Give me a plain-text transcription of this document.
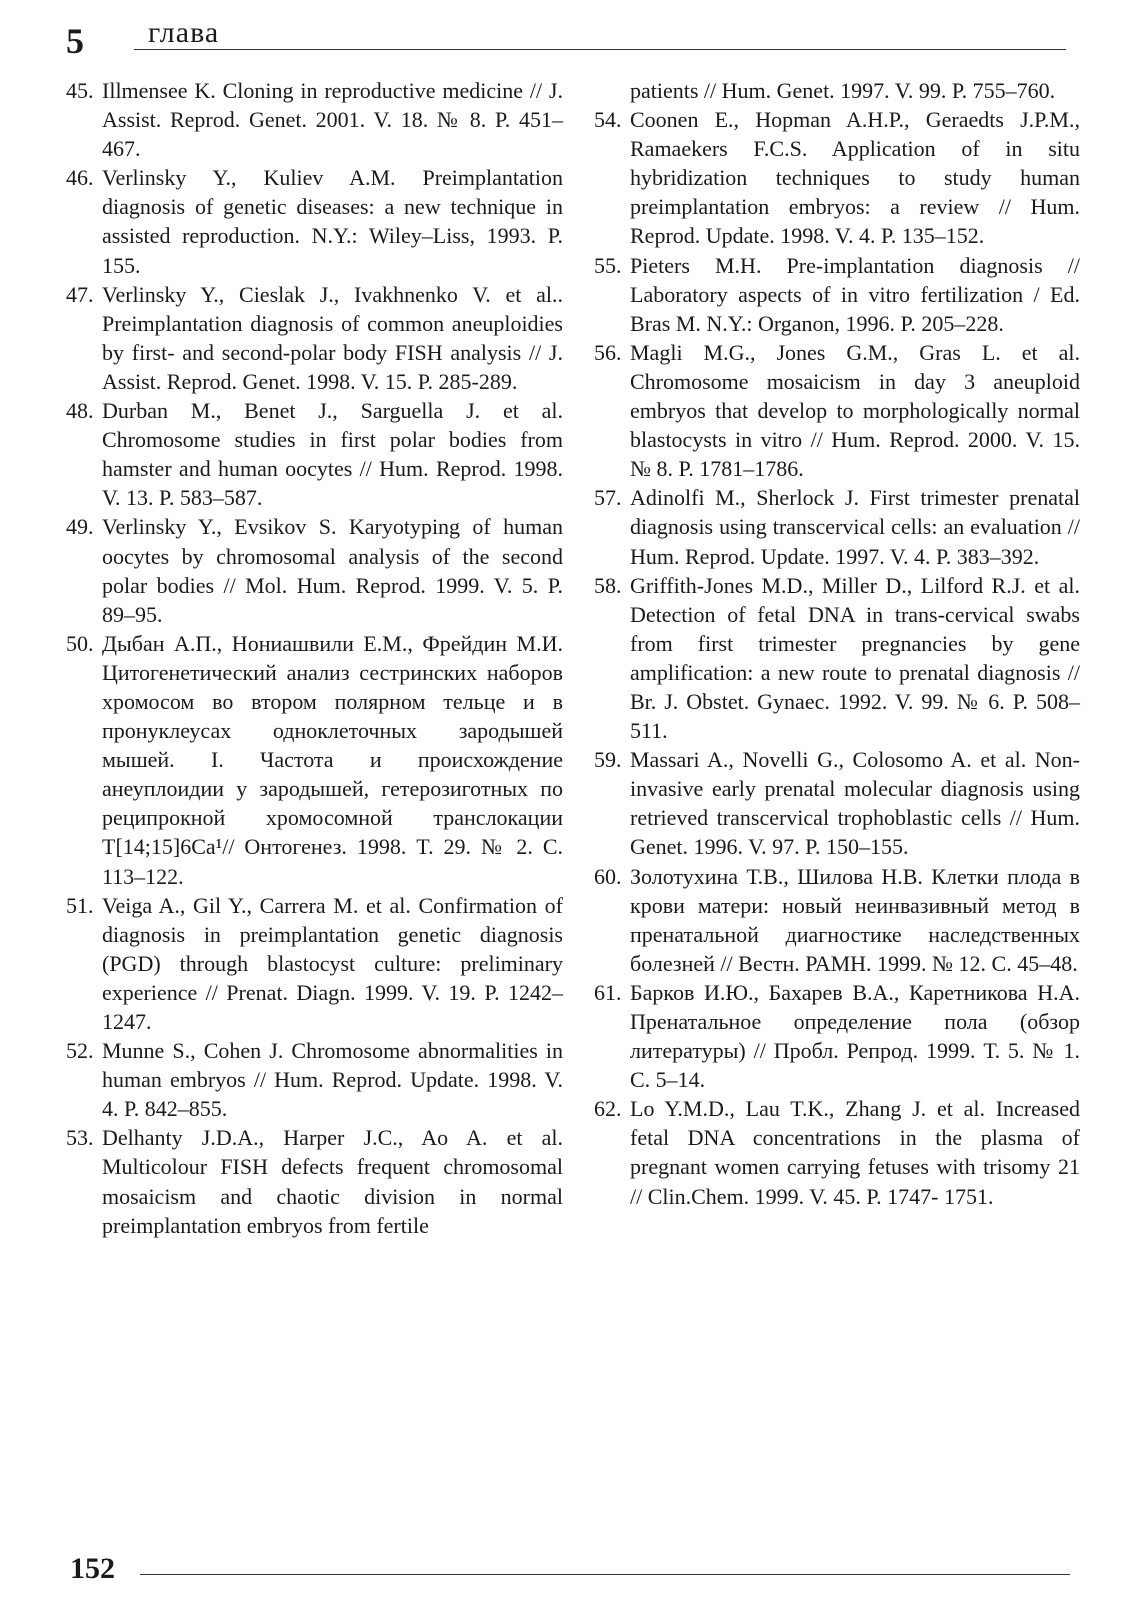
5 глава
45. Illmensee K. Cloning in reproductive medicine // J. Assist. Reprod. Genet. 2001. V. 18. № 8. P. 451–467.
46. Verlinsky Y., Kuliev A.M. Preimplantation diagnosis of genetic diseases: a new technique in assisted reproduction. N.Y.: Wiley–Liss, 1993. P. 155.
47. Verlinsky Y., Cieslak J., Ivakhnenko V. et al.. Preimplantation diagnosis of common aneuploidies by first- and second-polar body FISH analysis // J. Assist. Reprod. Genet. 1998. V. 15. P. 285-289.
48. Durban M., Benet J., Sarguella J. et al. Chromosome studies in first polar bodies from hamster and human oocytes // Hum. Reprod. 1998. V. 13. P. 583–587.
49. Verlinsky Y., Evsikov S. Karyotyping of human oocytes by chromosomal analysis of the second polar bodies // Mol. Hum. Reprod. 1999. V. 5. P. 89–95.
50. Дыбан А.П., Нониашвили Е.М., Фрейдин М.И. Цитогенетический анализ сестринских наборов хромосом во втором полярном тельце и в пронуклеусах одноклеточных зародышей мышей. I. Частота и происхождение анеуплоидии у зародышей, гетерозиготных по реципрокной хромосомной транслокации T[14;15]6Ca¹// Онтогенез. 1998. T. 29. № 2. C. 113–122.
51. Veiga A., Gil Y., Carrera M. et al. Confirmation of diagnosis in preimplantation genetic diagnosis (PGD) through blastocyst culture: preliminary experience // Prenat. Diagn. 1999. V. 19. P. 1242–1247.
52. Munne S., Cohen J. Chromosome abnormalities in human embryos // Hum. Reprod. Update. 1998. V. 4. P. 842–855.
53. Delhanty J.D.A., Harper J.C., Ao A. et al. Multicolour FISH defects frequent chromosomal mosaicism and chaotic division in normal preimplantation embryos from fertile
patients // Hum. Genet. 1997. V. 99. P. 755–760.
54. Coonen E., Hopman A.H.P., Geraedts J.P.M., Ramaekers F.C.S. Application of in situ hybridization techniques to study human preimplantation embryos: a review // Hum. Reprod. Update. 1998. V. 4. P. 135–152.
55. Pieters M.H. Pre-implantation diagnosis // Laboratory aspects of in vitro fertilization / Ed. Bras M. N.Y.: Organon, 1996. P. 205–228.
56. Magli M.G., Jones G.M., Gras L. et al. Chromosome mosaicism in day 3 aneuploid embryos that develop to morphologically normal blastocysts in vitro // Hum. Reprod. 2000. V. 15. № 8. P. 1781–1786.
57. Adinolfi M., Sherlock J. First trimester prenatal diagnosis using transcervical cells: an evaluation // Hum. Reprod. Update. 1997. V. 4. P. 383–392.
58. Griffith-Jones M.D., Miller D., Lilford R.J. et al. Detection of fetal DNA in trans-cervical swabs from first trimester pregnancies by gene amplification: a new route to prenatal diagnosis // Br. J. Obstet. Gynaec. 1992. V. 99. № 6. P. 508–511.
59. Massari A., Novelli G., Colosomo A. et al. Non-invasive early prenatal molecular diagnosis using retrieved transcervical trophoblastic cells // Hum. Genet. 1996. V. 97. P. 150–155.
60. Золотухина Т.В., Шилова Н.В. Клетки плода в крови матери: новый неинвазивный метод в пренатальной диагностике наследственных болезней // Вестн. РАМН. 1999. № 12. С. 45–48.
61. Барков И.Ю., Бахарев В.А., Каретникова Н.А. Пренатальное определение пола (обзор литературы) // Пробл. Репрод. 1999. Т. 5. № 1. С. 5–14.
62. Lo Y.M.D., Lau T.K., Zhang J. et al. Increased fetal DNA concentrations in the plasma of pregnant women carrying fetuses with trisomy 21 // Clin.Chem. 1999. V. 45. P. 1747- 1751.
152
